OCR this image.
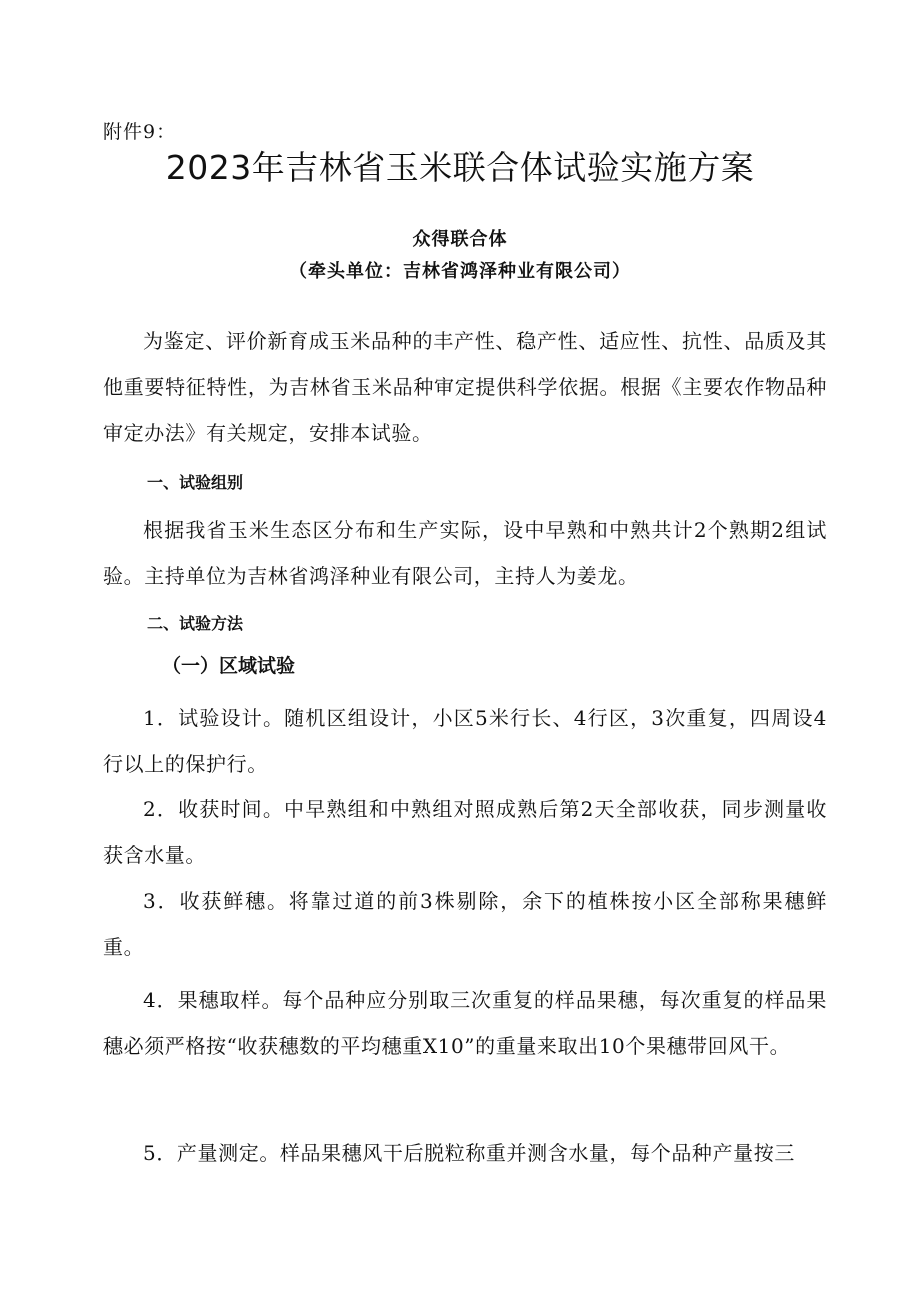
附件9：
2023年吉林省玉米联合体试验实施方案
众得联合体
（牵头单位：吉林省鸿泽种业有限公司）
为鉴定、评价新育成玉米品种的丰产性、稳产性、适应性、抗性、品质及其他重要特征特性，为吉林省玉米品种审定提供科学依据。根据《主要农作物品种审定办法》有关规定，安排本试验。
一、试验组别
根据我省玉米生态区分布和生产实际，设中早熟和中熟共计2个熟期2组试验。主持单位为吉林省鸿泽种业有限公司，主持人为姜龙。
二、试验方法
（一）区域试验
1．试验设计。随机区组设计，小区5米行长、4行区，3次重复，四周设4行以上的保护行。
2．收获时间。中早熟组和中熟组对照成熟后第2天全部收获，同步测量收获含水量。
3．收获鲜穗。将靠过道的前3株剔除，余下的植株按小区全部称果穗鲜重。
4．果穗取样。每个品种应分别取三次重复的样品果穗，每次重复的样品果穗必须严格按“收获穗数的平均穗重X10”的重量来取出10个果穗带回风干。
5．产量测定。样品果穗风干后脱粒称重并测含水量，每个品种产量按三
